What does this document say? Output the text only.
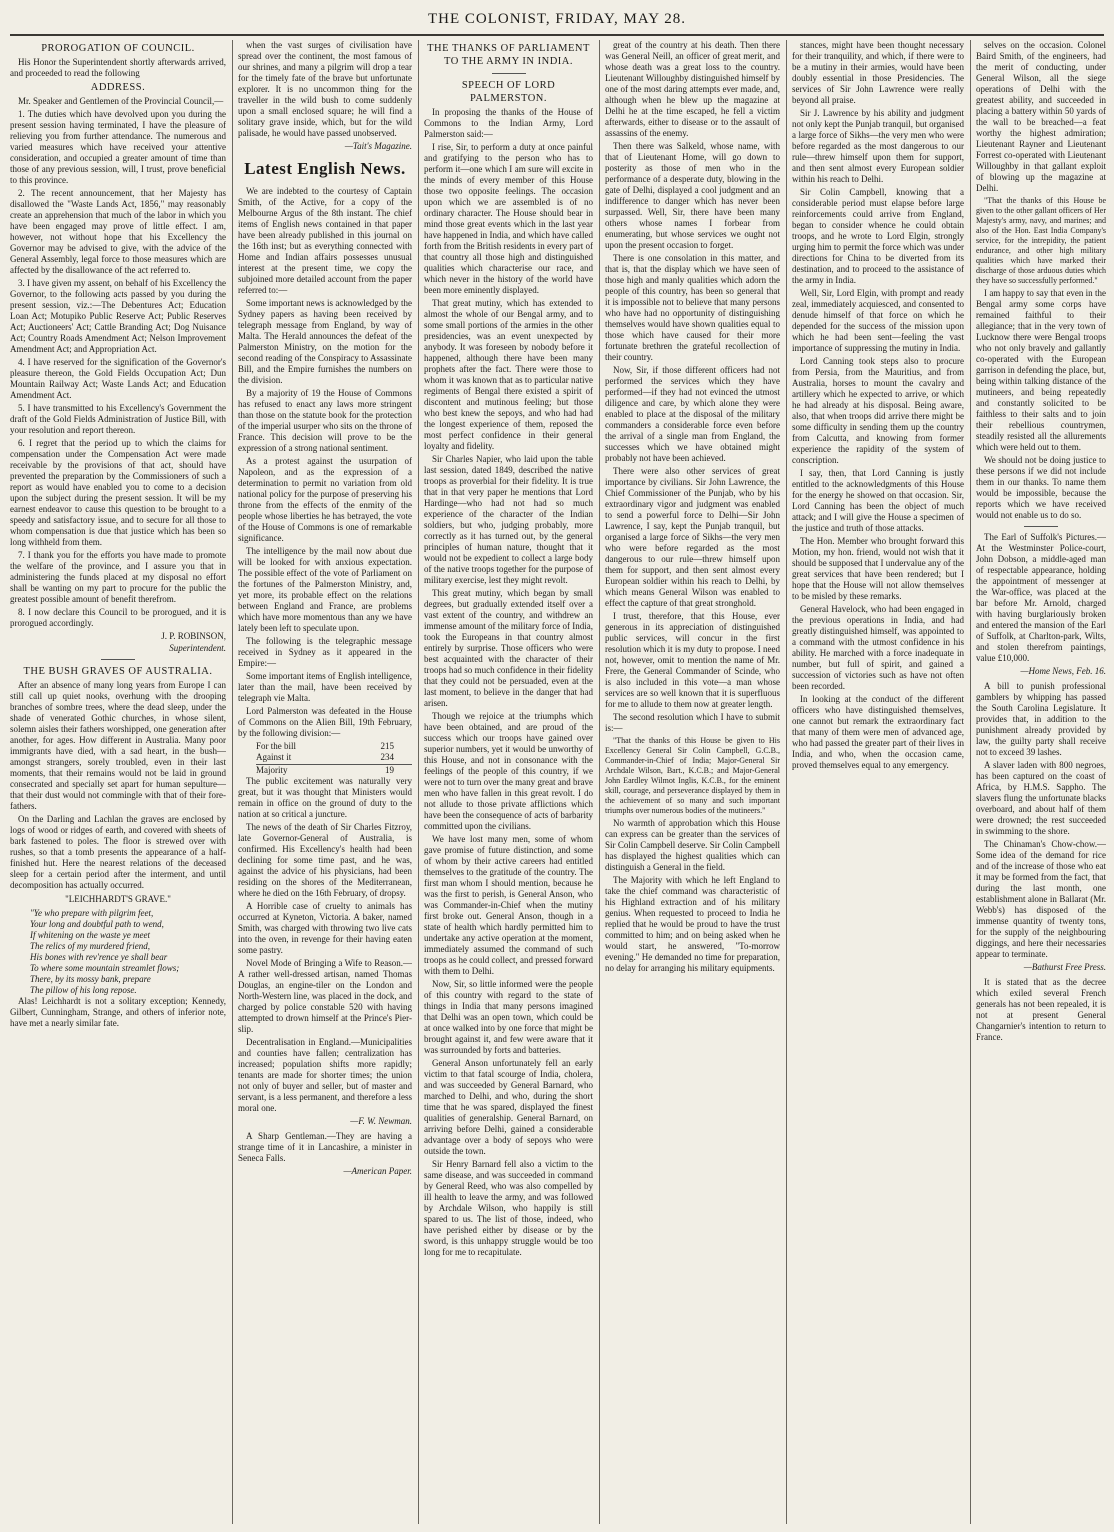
THE COLONIST, FRIDAY, MAY 28.
PROROGATION OF COUNCIL.

His Honor the Superintendent shortly afterwards arrived, and proceeded to read the following

ADDRESS.

Mr. Speaker and Gentlemen of the Provincial Council,—

1. The duties which have devolved upon you during the present session having terminated, I have the pleasure of relieving you from further attendance. The numerous and varied measures which have received your attentive consideration, and occupied a greater amount of time than those of any previous session, will, I trust, prove beneficial to this province.

2. The recent announcement, that her Majesty has disallowed the "Waste Lands Act, 1856," may reasonably create an apprehension that much of the labor in which you have been engaged may prove of little effect. I am, however, not without hope that his Excellency the Governor may be advised to give, with the advice of the General Assembly, legal force to those measures which are affected by the disallowance of the act referred to.

3. I have given my assent, on behalf of his Excellency the Governor, to the following acts passed by you during the present session, viz.:—The Debentures Act; Education Loan Act; Motupiko Public Reserve Act; Public Reserves Act; Auctioneers' Act; Cattle Branding Act; Dog Nuisance Act; Country Roads Amendment Act; Nelson Improvement Amendment Act; and Appropriation Act.

4. I have reserved for the signification of the Governor's pleasure thereon, the Gold Fields Occupation Act; Dun Mountain Railway Act; Waste Lands Act; and Education Amendment Act.

5. I have transmitted to his Excellency's Government the draft of the Gold Fields Administration of Justice Bill, with your resolution and report thereon.

6. I regret that the period up to which the claims for compensation under the Compensation Act were made receivable by the provisions of that act, should have prevented the preparation by the Commissioners of such a report as would have enabled you to come to a decision upon the subject during the present session. It will be my earnest endeavor to cause this question to be brought to a speedy and satisfactory issue, and to secure for all those to whom compensation is due that justice which has been so long withheld from them.

7. I thank you for the efforts you have made to promote the welfare of the province, and I assure you that in administering the funds placed at my disposal no effort shall be wanting on my part to procure for the public the greatest possible amount of benefit therefrom.

8. I now declare this Council to be prorogued, and it is prorogued accordingly.

J. P. ROBINSON,
Superintendent.
THE BUSH GRAVES OF AUSTRALIA.

After an absence of many long years from Europe I can still call up quiet nooks, overhung with the drooping branches of sombre trees, where the dead sleep, under the shade of venerated Gothic churches, in whose silent, solemn aisles their fathers worshipped, one generation after another, for ages. How different in Australia. Many poor immigrants have died, with a sad heart, in the bush—amongst strangers, sorely troubled, even in their last moments, that their remains would not be laid in ground consecrated and specially set apart for human sepulture—that their dust would not commingle with that of their fore-fathers.

On the Darling and Lachlan the graves are enclosed by logs of wood or ridges of earth, and covered with sheets of bark fastened to poles. The floor is strewed over with rushes, so that a tomb presents the appearance of a half-finished hut. Here the nearest relations of the deceased sleep for a certain period after the interment, and until decomposition has actually occurred.

"LEICHHARDT'S GRAVE."

"Ye who prepare with pilgrim feet,

Your long and doubtful path to wend,

If whitening on the waste ye meet

The relics of my murdered friend,

His bones with rev'rence ye shall bear

To where some mountain streamlet flows;

There, by its mossy bank, prepare

The pillow of his long repose.

Alas! Leichhardt is not a solitary exception; Kennedy, Gilbert, Cunningham, Strange, and others of inferior note, have met a nearly similar fate.

when the vast surges of civilisation have spread over the continent, the most famous of our shrines, and many a pilgrim will drop a tear for the timely fate of the brave but unfortunate explorer. It is no uncommon thing for the traveller in the wild bush to come suddenly upon a small enclosed square; he will find a solitary grave inside, which, but for the wild palisade, he would have passed unobserved.

—Tait's Magazine.
Latest English News.

We are indebted to the courtesy of Captain Smith, of the Active, for a copy of the Melbourne Argus of the 8th instant. The chief items of English news contained in that paper have been already published in this journal on the 16th inst; but as everything connected with Home and Indian affairs possesses unusual interest at the present time, we copy the subjoined more detailed account from the paper referred to:—

Some important news is acknowledged by the Sydney papers as having been received by telegraph message from England, by way of Malta. The Herald announces the defeat of the Palmerston Ministry, on the motion for the second reading of the Conspiracy to Assassinate Bill, and the Empire furnishes the numbers on the division.

By a majority of 19 the House of Commons has refused to enact any laws more stringent than those on the statute book for the protection of the imperial usurper who sits on the throne of France. This decision will prove to be the expression of a strong national sentiment.

As a protest against the usurpation of Napoleon, and as the expression of a determination to permit no variation from old national policy for the purpose of preserving his throne from the effects of the enmity of the people whose liberties he has betrayed, the vote of the House of Commons is one of remarkable significance.

The intelligence by the mail now about due will be looked for with anxious expectation. The possible effect of the vote of Parliament on the fortunes of the Palmerston Ministry, and, yet more, its probable effect on the relations between England and France, are problems which have more momentous than any we have lately been left to speculate upon.

The following is the telegraphic message received in Sydney as it appeared in the Empire:—

Some important items of English intelligence, later than the mail, have been received by telegraph vie Malta.

Lord Palmerston was defeated in the House of Commons on the Alien Bill, 19th February, by the following division:—

For the bill	215
Against it	234
Majority	19

The public excitement was naturally very great, but it was thought that Ministers would remain in office on the ground of duty to the nation at so critical a juncture.

The news of the death of Sir Charles Fitzroy, late Governor-General of Australia, is confirmed. His Excellency's health had been declining for some time past, and he was, against the advice of his physicians, had been residing on the shores of the Mediterranean, where he died on the 16th February, of dropsy.

A Horrible case of cruelty to animals has occurred at Kyneton, Victoria. A baker, named Smith, was charged with throwing two live cats into the oven, in revenge for their having eaten some pastry.

Novel Mode of Bringing a Wife to Reason.—A rather well-dressed artisan, named Thomas Douglas, an engine-tiler on the London and North-Western line, was placed in the dock, and charged by police constable 520 with having attempted to drown himself at the Prince's Pier-slip.

Decentralisation in England.—Municipalities and counties have fallen; centralization has increased; population shifts more rapidly; tenants are made for shorter times; the union not only of buyer and seller, but of master and servant, is a less permanent, and therefore a less moral one.

—F. W. Newman.

A Sharp Gentleman.—They are having a strange time of it in Lancashire, a minister in Seneca Falls.

—American Paper.
THE THANKS OF PARLIAMENT TO THE ARMY IN INDIA.
SPEECH OF LORD PALMERSTON.

In proposing the thanks of the House of Commons to the Indian Army, Lord Palmerston said:—

I rise, Sir, to perform a duty at once painful and gratifying to the person who has to perform it—one which I am sure will excite in the minds of every member of this House those two opposite feelings. The occasion upon which we are assembled is of no ordinary character. The House should bear in mind those great events which in the last year have happened in India, and which have called forth from the British residents in every part of that country all those high and distinguished qualities which characterise our race, and which never in the history of the world have been more eminently displayed.

That great mutiny, which has extended to almost the whole of our Bengal army, and to some small portions of the armies in the other presidencies, was an event unexpected by anybody. It was foreseen by nobody before it happened, although there have been many prophets after the fact. There were those to whom it was known that as to particular native regiments of Bengal there existed a spirit of discontent and mutinous feeling; but those who best knew the sepoys, and who had had the longest experience of them, reposed the most perfect confidence in their general loyalty and fidelity.

Sir Charles Napier, who laid upon the table last session, dated 1849, described the native troops as proverbial for their fidelity. It is true that in that very paper he mentions that Lord Hardinge—who had not had so much experience of the character of the Indian soldiers, but who, judging probably, more correctly as it has turned out, by the general principles of human nature, thought that it would not be expedient to collect a large body of the native troops together for the purpose of military exercise, lest they might revolt.

This great mutiny, which began by small degrees, but gradually extended itself over a vast extent of the country, and withdrew an immense amount of the military force of India, took the Europeans in that country almost entirely by surprise. Those officers who were best acquainted with the character of their troops had so much confidence in their fidelity that they could not be persuaded, even at the last moment, to believe in the danger that had arisen.

Though we rejoice at the triumphs which have been obtained, and are proud of the success which our troops have gained over superior numbers, yet it would be unworthy of this House, and not in consonance with the feelings of the people of this country, if we were not to turn over the many great and brave men who have fallen in this great revolt. I do not allude to those private afflictions which have been the consequence of acts of barbarity committed upon the civilians.

We have lost many men, some of whom gave promise of future distinction, and some of whom by their active careers had entitled themselves to the gratitude of the country. The first man whom I should mention, because he was the first to perish, is General Anson, who was Commander-in-Chief when the mutiny first broke out. General Anson, though in a state of health which hardly permitted him to undertake any active operation at the moment, immediately assumed the command of such troops as he could collect, and pressed forward with them to Delhi.

Now, Sir, so little informed were the people of this country with regard to the state of things in India that many persons imagined that Delhi was an open town, which could be at once walked into by one force that might be brought against it, and few were aware that it was surrounded by forts and batteries.

General Anson unfortunately fell an early victim to that fatal scourge of India, cholera, and was succeeded by General Barnard, who marched to Delhi, and who, during the short time that he was spared, displayed the finest qualities of generalship. General Barnard, on arriving before Delhi, gained a considerable advantage over a body of sepoys who were outside the town.

Sir Henry Barnard fell also a victim to the same disease, and was succeeded in command by General Reed, who was also compelled by ill health to leave the army, and was followed by Archdale Wilson, who happily is still spared to us. The list of those, indeed, who have perished either by disease or by the sword, is this unhappy struggle would be too long for me to recapitulate.

great of the country at his death. Then there was General Neill, an officer of great merit, and whose death was a great loss to the country. Lieutenant Willoughby distinguished himself by one of the most daring attempts ever made, and, although when he blew up the magazine at Delhi he at the time escaped, he fell a victim afterwards, either to disease or to the assault of assassins of the enemy.

Then there was Salkeld, whose name, with that of Lieutenant Home, will go down to posterity as those of men who in the performance of a desperate duty, blowing in the gate of Delhi, displayed a cool judgment and an indifference to danger which has never been surpassed. Well, Sir, there have been many others whose names I forbear from enumerating, but whose services we ought not upon the present occasion to forget.

There is one consolation in this matter, and that is, that the display which we have seen of those high and manly qualities which adorn the people of this country, has been so general that it is impossible not to believe that many persons who have had no opportunity of distinguishing themselves would have shown qualities equal to those which have caused for their more fortunate brethren the grateful recollection of their country.

Now, Sir, if those different officers had not performed the services which they have performed—if they had not evinced the utmost diligence and care, by which alone they were enabled to place at the disposal of the military commanders a considerable force even before the arrival of a single man from England, the successes which we have obtained might probably not have been achieved.

There were also other services of great importance by civilians. Sir John Lawrence, the Chief Commissioner of the Punjab, who by his extraordinary vigor and judgment was enabled to send a powerful force to Delhi—Sir John Lawrence, I say, kept the Punjab tranquil, but organised a large force of Sikhs—the very men who were before regarded as the most dangerous to our rule—threw himself upon them for support, and then sent almost every European soldier within his reach to Delhi, by which means General Wilson was enabled to effect the capture of that great stronghold.

I trust, therefore, that this House, ever generous in its appreciation of distinguished public services, will concur in the first resolution which it is my duty to propose. I need not, however, omit to mention the name of Mr. Frere, the General Commander of Scinde, who is also included in this vote—a man whose services are so well known that it is superfluous for me to allude to them now at greater length.

The second resolution which I have to submit is:—

"That the thanks of this House be given to His Excellency General Sir Colin Campbell, G.C.B., Commander-in-Chief of India; Major-General Sir Archdale Wilson, Bart., K.C.B.; and Major-General John Eardley Wilmot Inglis, K.C.B., for the eminent skill, courage, and perseverance displayed by them in the achievement of so many and such important triumphs over numerous bodies of the mutineers."

No warmth of approbation which this House can express can be greater than the services of Sir Colin Campbell deserve. Sir Colin Campbell has displayed the highest qualities which can distinguish a General in the field.

The Majority with which he left England to take the chief command was characteristic of his Highland extraction and of his military genius. When requested to proceed to India he replied that he would be proud to have the trust committed to him; and on being asked when he would start, he answered, "To-morrow evening." He demanded no time for preparation, no delay for arranging his military equipments.

stances, might have been thought necessary for their tranquility, and which, if there were to be a mutiny in their armies, would have been doubly essential in those Presidencies. The services of Sir John Lawrence were really beyond all praise.

Sir J. Lawrence by his ability and judgment not only kept the Punjab tranquil, but organised a large force of Sikhs—the very men who were before regarded as the most dangerous to our rule—threw himself upon them for support, and then sent almost every European soldier within his reach to Delhi.

Sir Colin Campbell, knowing that a considerable period must elapse before large reinforcements could arrive from England, began to consider whence he could obtain troops, and he wrote to Lord Elgin, strongly urging him to permit the force which was under directions for China to be diverted from its destination, and to proceed to the assistance of the army in India.

Well, Sir, Lord Elgin, with prompt and ready zeal, immediately acquiesced, and consented to denude himself of that force on which he depended for the success of the mission upon which he had been sent—feeling the vast importance of suppressing the mutiny in India.

Lord Canning took steps also to procure from Persia, from the Mauritius, and from Australia, horses to mount the cavalry and artillery which he expected to arrive, or which he had already at his disposal. Being aware, also, that when troops did arrive there might be some difficulty in sending them up the country from Calcutta, and knowing from former experience the rapidity of the system of conscription.

I say, then, that Lord Canning is justly entitled to the acknowledgments of this House for the energy he showed on that occasion. Sir, Lord Canning has been the object of much attack; and I will give the House a specimen of the justice and truth of those attacks.

The Hon. Member who brought forward this Motion, my hon. friend, would not wish that it should be supposed that I undervalue any of the great services that have been rendered; but I hope that the House will not allow themselves to be misled by these remarks.

General Havelock, who had been engaged in the previous operations in India, and had greatly distinguished himself, was appointed to a command with the utmost confidence in his ability. He marched with a force inadequate in number, but full of spirit, and gained a succession of victories such as have not often been recorded.

In looking at the conduct of the different officers who have distinguished themselves, one cannot but remark the extraordinary fact that many of them were men of advanced age, who had passed the greater part of their lives in India, and who, when the occasion came, proved themselves equal to any emergency.

selves on the occasion. Colonel Baird Smith, of the engineers, had the merit of conducting, under General Wilson, all the siege operations of Delhi with the greatest ability, and succeeded in placing a battery within 50 yards of the wall to be breached—a feat worthy the highest admiration; Lieutenant Rayner and Lieutenant Forrest co-operated with Lieutenant Willoughby in that gallant exploit of blowing up the magazine at Delhi.

"That the thanks of this House be given to the other gallant officers of Her Majesty's army, navy, and marines; and also of the Hon. East India Company's service, for the intrepidity, the patient endurance, and other high military qualities which have marked their discharge of those arduous duties which they have so successfully performed."

I am happy to say that even in the Bengal army some corps have remained faithful to their allegiance; that in the very town of Lucknow there were Bengal troops who not only bravely and gallantly co-operated with the European garrison in defending the place, but, being within talking distance of the mutineers, and being repeatedly and constantly solicited to be faithless to their salts and to join their rebellious countrymen, steadily resisted all the allurements which were held out to them.

We should not be doing justice to these persons if we did not include them in our thanks. To name them would be impossible, because the reports which we have received would not enable us to do so.

The Earl of Suffolk's Pictures.—At the Westminster Police-court, John Dobson, a middle-aged man of respectable appearance, holding the appointment of messenger at the War-office, was placed at the bar before Mr. Arnold, charged with having burglariously broken and entered the mansion of the Earl of Suffolk, at Charlton-park, Wilts, and stolen therefrom paintings, value £10,000.

—Home News, Feb. 16.

A bill to punish professional gamblers by whipping has passed the South Carolina Legislature. It provides that, in addition to the punishment already provided by law, the guilty party shall receive not to exceed 39 lashes.

A slaver laden with 800 negroes, has been captured on the coast of Africa, by H.M.S. Sappho. The slavers flung the unfortunate blacks overboard, and about half of them were drowned; the rest succeeded in swimming to the shore.

The Chinaman's Chow-chow.—Some idea of the demand for rice and of the increase of those who eat it may be formed from the fact, that during the last month, one establishment alone in Ballarat (Mr. Webb's) has disposed of the immense quantity of twenty tons, for the supply of the neighbouring diggings, and here their necessaries appear to terminate.

—Bathurst Free Press.

It is stated that as the decree which exiled several French generals has not been repealed, it is not at present General Changarnier's intention to return to France.
